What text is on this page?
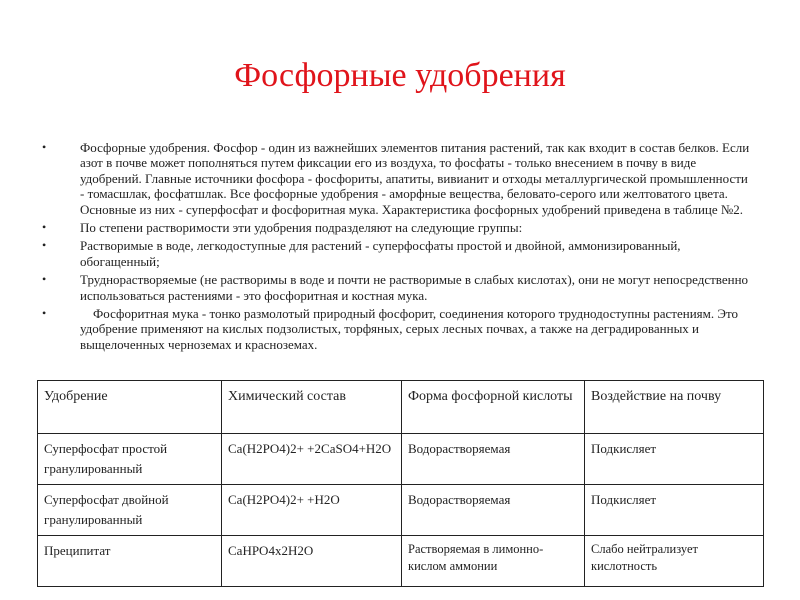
Фосфорные удобрения
•	Фосфорные удобрения. Фосфор - один из важнейших элементов питания растений, так как входит в состав белков. Если азот в почве может пополняться путем фиксации его из воздуха, то фосфаты - только внесением в почву в виде удобрений. Главные источники фосфора - фосфориты, апатиты, вивианит и отходы металлургической промышленности - томасшлак, фосфатшлак. Все фосфорные удобрения - аморфные вещества, беловато-серого или желтоватого цвета. Основные из них - суперфосфат и фосфоритная мука. Характеристика фосфорных удобрений приведена в таблице №2.
•	По степени растворимости эти удобрения подразделяют на следующие группы:
•	Растворимые в воде, легкодоступные для растений - суперфосфаты простой и двойной, аммонизированный, обогащенный;
•	Труднорастворяемые (не растворимы в воде и почти не растворимые в слабых кислотах), они не могут непосредственно использоваться растениями - это фосфоритная и костная мука.
•	Фосфоритная мука - тонко размолотый природный фосфорит, соединения которого труднодоступны растениям. Это удобрение применяют на кислых подзолистых, торфяных, серых лесных почвах, а также на деградированных и выщелоченных черноземах и красноземах.
Удобрение	Химический состав	Форма фосфорной кислоты	Воздействие на почву
Суперфосфат простой гранулированный	Ca(H2PO4)2+ +2CaSO4+H2O	Водорастворяемая	Подкисляет
Суперфосфат двойной гранулированный	Ca(H2PO4)2+ +H2O	Водорастворяемая	Подкисляет
Преципитат	CaHPO4x2H2O	Растворяемая в лимонно-кислом аммонии	Слабо нейтрализует кислотность
